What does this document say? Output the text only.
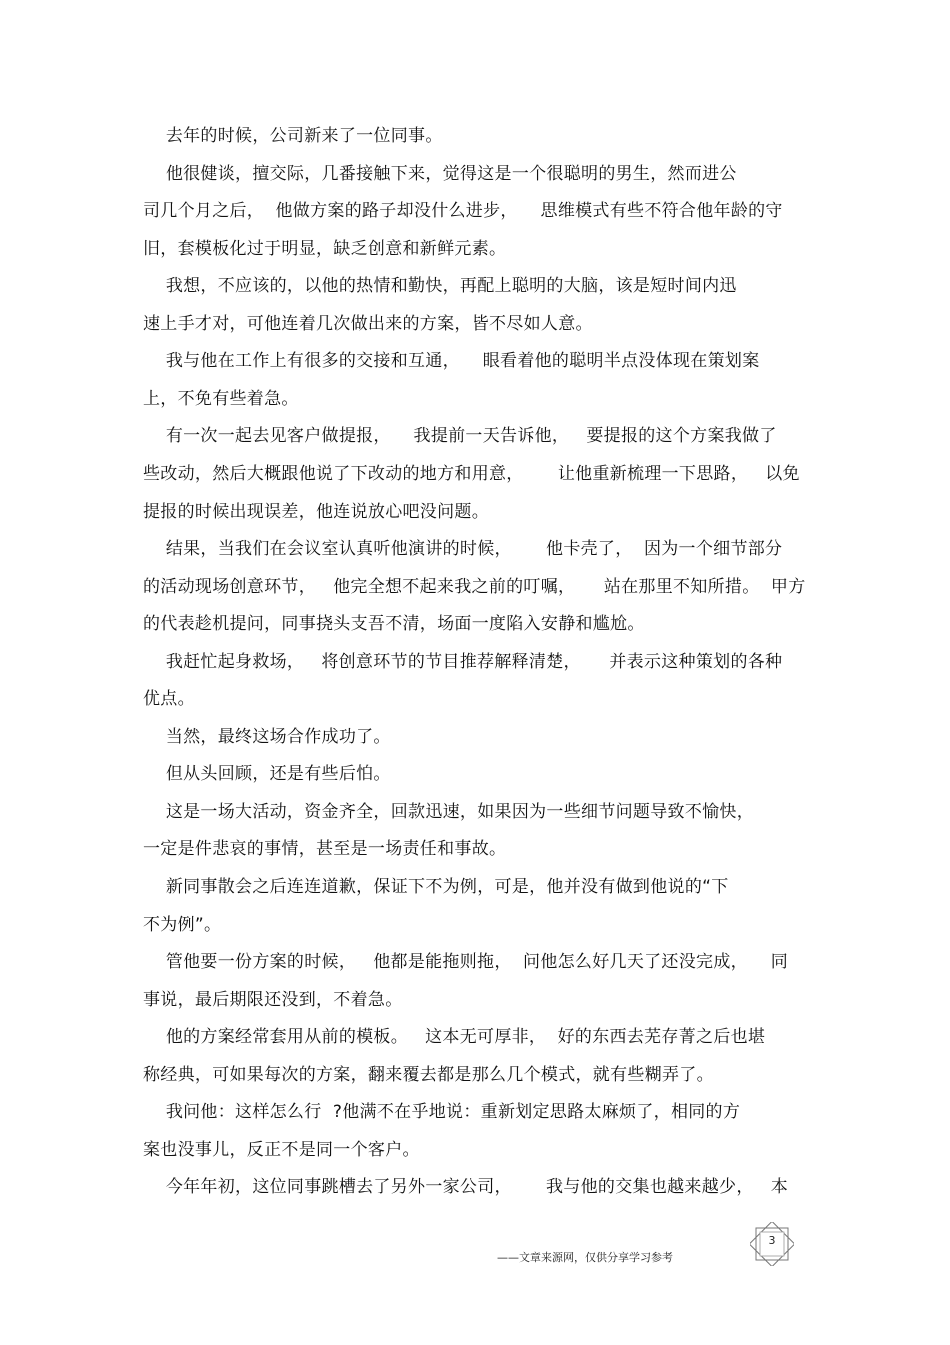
去年的时候，公司新来了一位同事。
他很健谈，擅交际，几番接触下来，觉得这是一个很聪明的男生，然而进公
司几个月之后，  他做方案的路子却没什么进步，    思维模式有些不符合他年龄的守
旧，套模板化过于明显，缺乏创意和新鲜元素。
我想，不应该的，以他的热情和勤快，再配上聪明的大脑，该是短时间内迅
速上手才对，可他连着几次做出来的方案，皆不尽如人意。
我与他在工作上有很多的交接和互通，    眼看着他的聪明半点没体现在策划案
上，不免有些着急。
有一次一起去见客户做提报，    我提前一天告诉他，   要提报的这个方案我做了
些改动，然后大概跟他说了下改动的地方和用意，      让他重新梳理一下思路，   以免
提报的时候出现误差，他连说放心吧没问题。
结果，当我们在会议室认真听他演讲的时候，      他卡壳了，  因为一个细节部分
的活动现场创意环节，   他完全想不起来我之前的叮嘱，     站在那里不知所措。  甲方
的代表趁机提问，同事挠头支吾不清，场面一度陷入安静和尴尬。
我赶忙起身救场，   将创意环节的节目推荐解释清楚，     并表示这种策划的各种
优点。
当然，最终这场合作成功了。
但从头回顾，还是有些后怕。
这是一场大活动，资金齐全，回款迅速，如果因为一些细节问题导致不愉快，
一定是件悲哀的事情，甚至是一场责任和事故。
新同事散会之后连连道歉，保证下不为例，可是，他并没有做到他说的“下
不为例”。
管他要一份方案的时候，   他都是能拖则拖，  问他怎么好几天了还没完成，    同
事说，最后期限还没到，不着急。
他的方案经常套用从前的模板。   这本无可厚非，  好的东西去芜存菁之后也堪
称经典，可如果每次的方案，翻来覆去都是那么几个模式，就有些糊弄了。
我问他：这样怎么行  ?他满不在乎地说：重新划定思路太麻烦了，相同的方
案也没事儿，反正不是同一个客户。
今年年初，这位同事跳槽去了另外一家公司，      我与他的交集也越来越少，   本
3
——文章来源网，仅供分享学习参考
